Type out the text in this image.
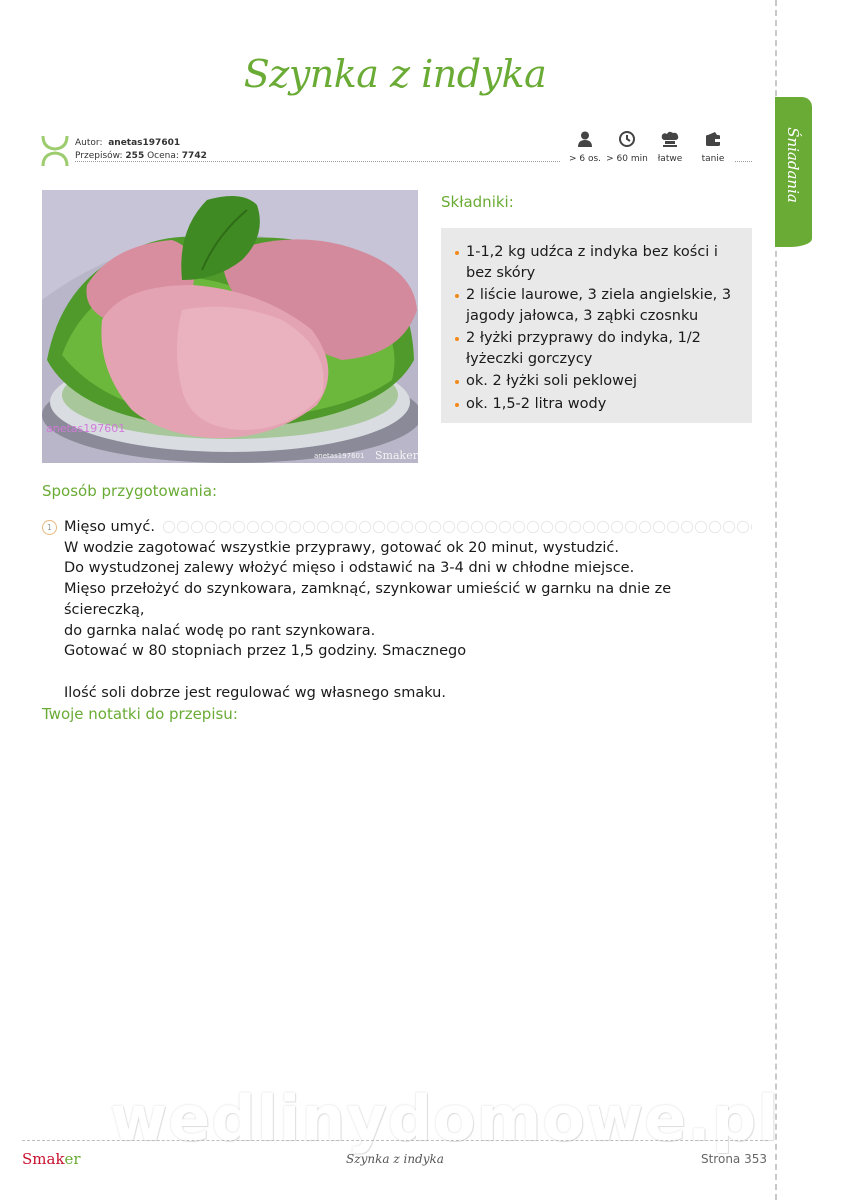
Śniadania
Szynka z indyka
Autor: anetas197601
Przepisów: 255 Ocena: 7742	> 6 os. > 60 min	łatwe	tanie
anetas197601
anetas197601 Smaker
Składniki:
1-1,2 kg udźca z indyka bez kości i bez skóry
2 liście laurowe, 3 ziela angielskie, 3 jagody jałowca, 3 ząbki czosnku
2 łyżki przyprawy do indyka, 1/2 łyżeczki gorczycy
ok. 2 łyżki soli peklowej
ok. 1,5-2 litra wody
Sposób przygotowania:
1 Mięso umyć.

W wodzie zagotować wszystkie przyprawy, gotować ok 20 minut, wystudzić.

Do wystudzonej zalewy włożyć mięso i odstawić na 3-4 dni w chłodne miejsce.

Mięso przełożyć do szynkowara, zamknąć, szynkowar umieścić w garnku na dnie ze ściereczką,

do garnka nalać wodę po rant szynkowara.

Gotować w 80 stopniach przez 1,5 godziny. Smacznego

Ilość soli dobrze jest regulować wg własnego smaku.

Twoje notatki do przepisu:
wedlinydomowe.pl
Smaker	Szynka z indyka	Strona 353
